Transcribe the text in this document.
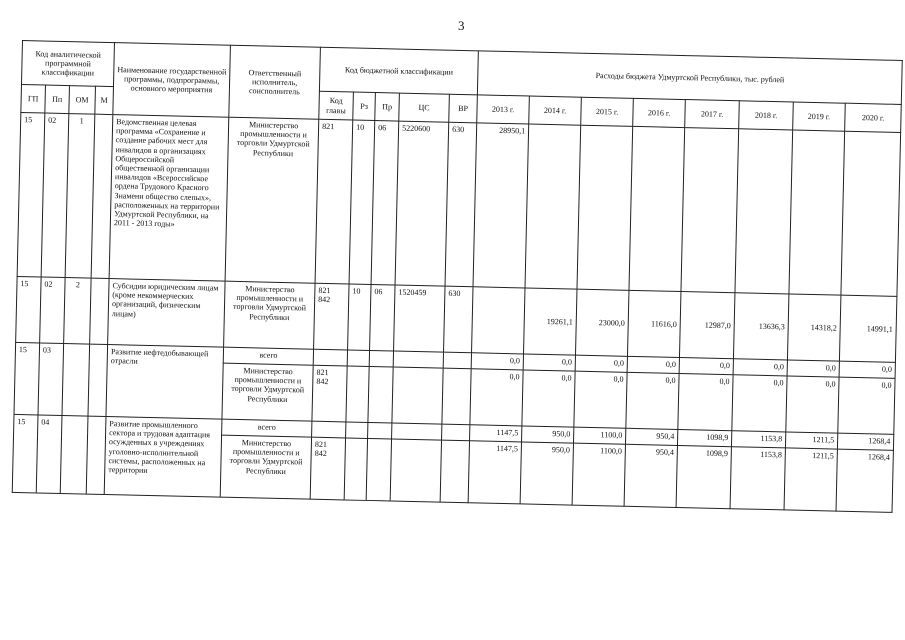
3
Код аналитической программной классификации				Наименование государственной программы, подпрограммы, основного мероприятия	Ответственный исполнитель, соисполнитель	Код бюджетной классификации					Расходы бюджета Удмуртской Республики, тыс. рублей							
ГП	Пп	ОМ	М			Код главы	Рз	Пр	ЦС	ВР	2013 г.	2014 г.	2015 г.	2016 г.	2017 г.	2018 г.	2019 г.	2020 г.
15	02	1		Ведомственная целевая программа «Сохранение и создание рабочих мест для инвалидов в организациях Общероссийской общественной организации инвалидов «Всероссийское ордена Трудового Красного Знамени общество слепых», расположенных на территории Удмуртской Республики, на 2011 - 2013 годы»	Министерство промышленности и торговли Удмуртской Республики	821	10	06	5220600	630	28950,1							
15	02	2		Субсидии юридическим лицам (кроме некоммерческих организаций, физическим лицам)	Министерство промышленности и торговли Удмуртской Республики	821
842	10	06	1520459	630		19261,1	23000,0	11616,0	12987,0	13636,3	14318,2	14991,1
15	03			Развитие нефтедобывающей отрасли	всего						0,0	0,0	0,0	0,0	0,0	0,0	0,0	0,0
					Министерство промышленности и торговли Удмуртской Республики	821
842					0,0	0,0	0,0	0,0	0,0	0,0	0,0	0,0
15	04			Развитие промышленного сектора и трудовая адаптация осужденных в учреждениях уголовно-исполнительной системы, расположенных на территории	всего						1147,5	950,0	1100,0	950,4	1098,9	1153,8	1211,5	1268,4
					Министерство промышленности и торговли Удмуртской Республики	821
842					1147,5	950,0	1100,0	950,4	1098,9	1153,8	1211,5	1268,4
